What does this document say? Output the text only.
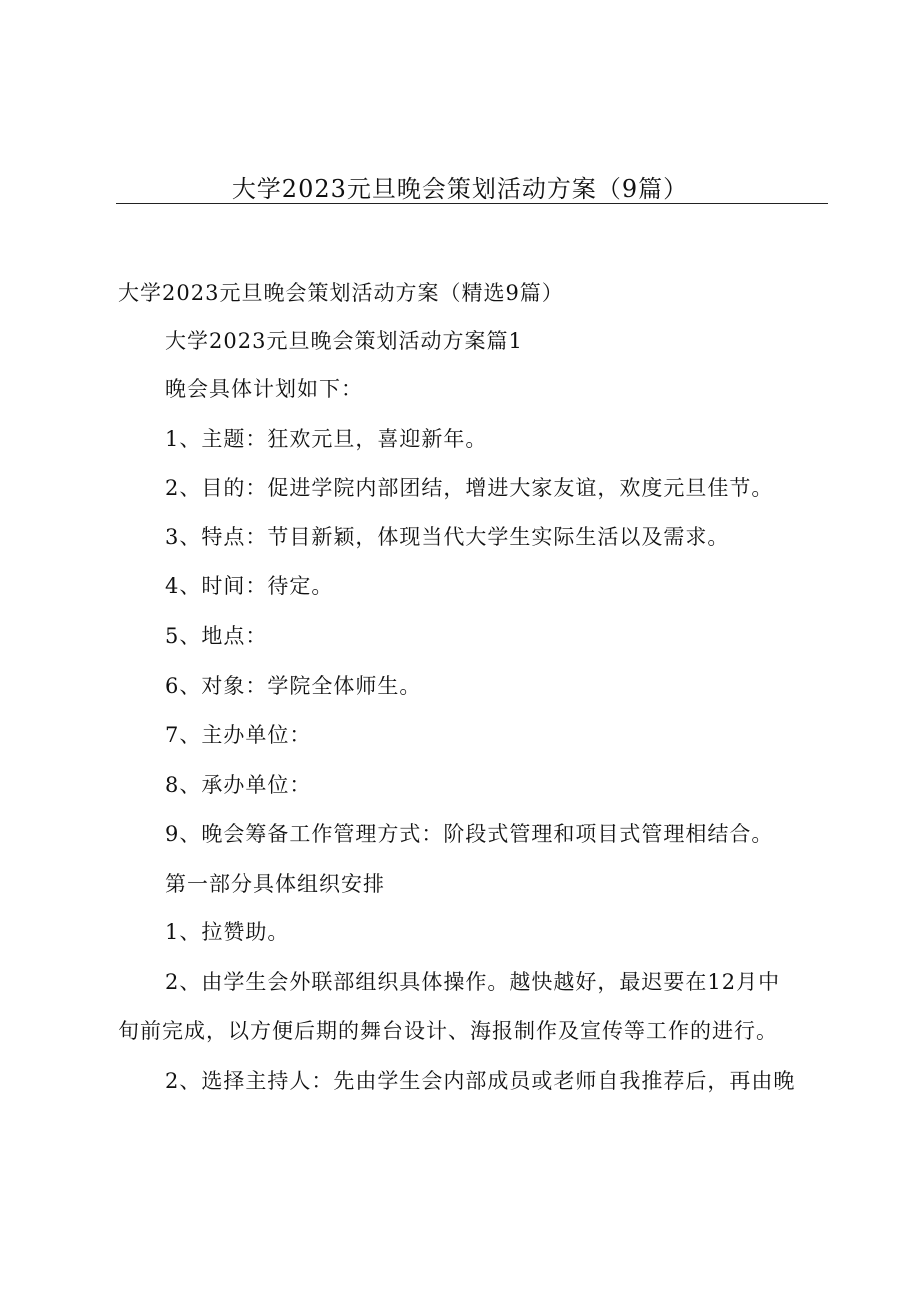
大学2023元旦晚会策划活动方案（9篇）
大学2023元旦晚会策划活动方案（精选9篇）
大学2023元旦晚会策划活动方案篇1
晚会具体计划如下：
1、主题：狂欢元旦，喜迎新年。
2、目的：促进学院内部团结，增进大家友谊，欢度元旦佳节。
3、特点：节目新颖，体现当代大学生实际生活以及需求。
4、时间：待定。
5、地点：
6、对象：学院全体师生。
7、主办单位：
8、承办单位：
9、晚会筹备工作管理方式：阶段式管理和项目式管理相结合。
第一部分具体组织安排
1、拉赞助。
2、由学生会外联部组织具体操作。越快越好，最迟要在12月中
旬前完成，以方便后期的舞台设计、海报制作及宣传等工作的进行。
2、选择主持人：先由学生会内部成员或老师自我推荐后，再由晚
